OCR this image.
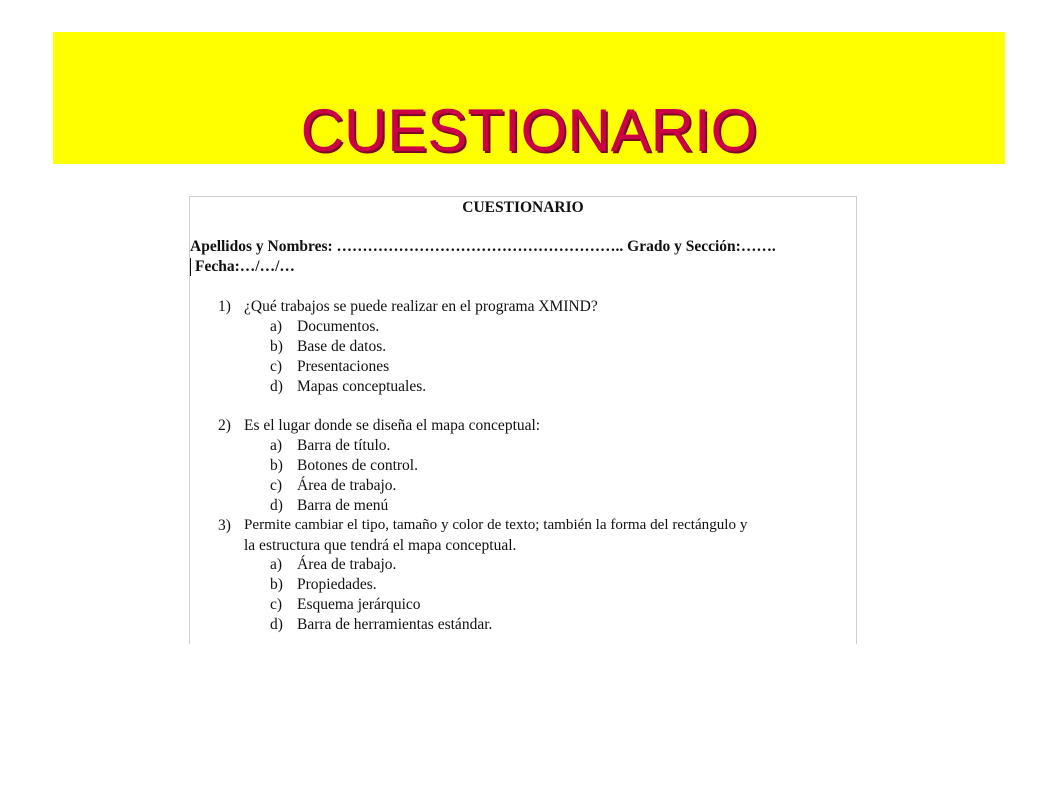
CUESTIONARIO
CUESTIONARIO
Apellidos y Nombres: ……………………………………………….. Grado y Sección:…….
Fecha:…/…/…
1) ¿Qué trabajos se puede realizar en el programa XMIND?
a) Documentos.
b) Base de datos.
c) Presentaciones
d) Mapas conceptuales.
2) Es el lugar donde se diseña el mapa conceptual:
a) Barra de título.
b) Botones de control.
c) Área de trabajo.
d) Barra de menú
3) Permite cambiar el tipo, tamaño y color de texto; también la forma del rectángulo y
la estructura que tendrá el mapa conceptual.
a) Área de trabajo.
b) Propiedades.
c) Esquema jerárquico
d) Barra de herramientas estándar.
